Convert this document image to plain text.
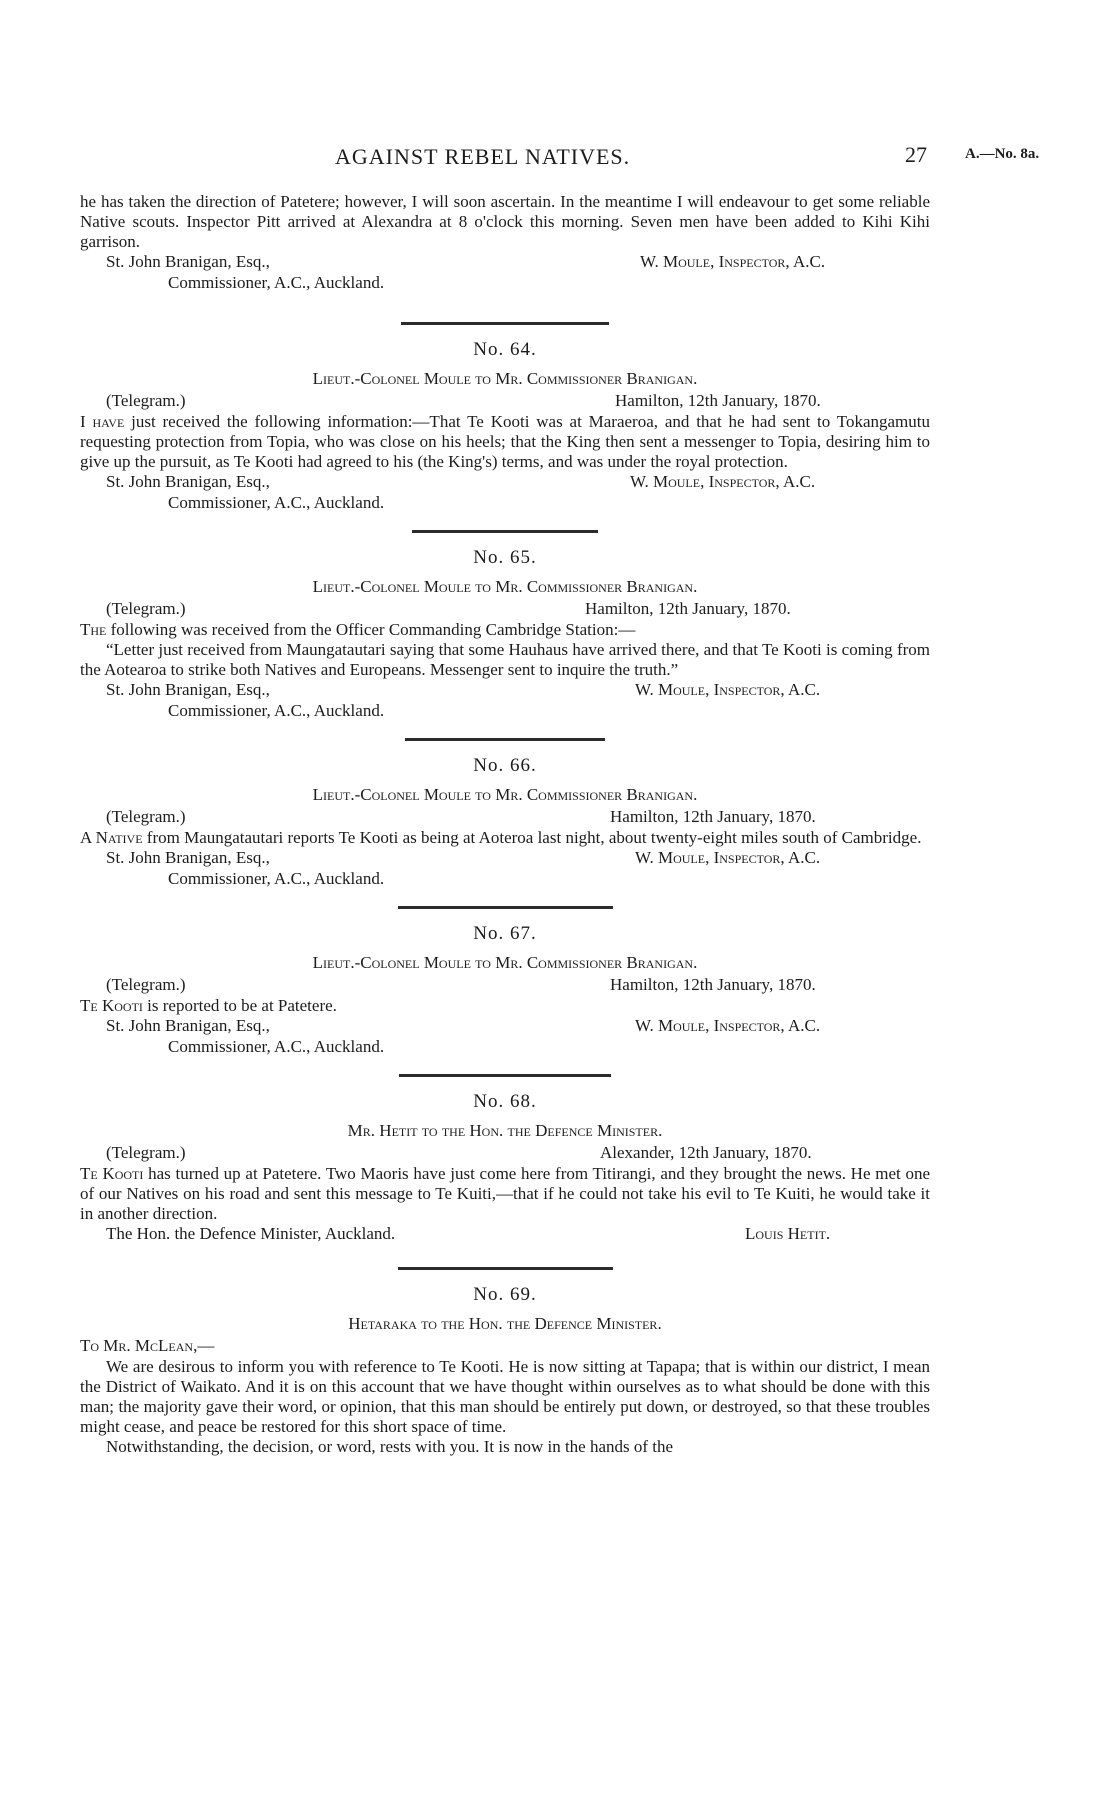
AGAINST REBEL NATIVES.	27	A.—No. 8a.

he has taken the direction of Patetere; however, I will soon ascertain. In the meantime I will endeavour to get some reliable Native scouts. Inspector Pitt arrived at Alexandra at 8 o'clock this morning. Seven men have been added to Kihi Kihi garrison.

St. John Branigan, Esq.,	W. Moule, Inspector, A.C.
Commissioner, A.C., Auckland.
No. 64.
Lieut.-Colonel Moule to Mr. Commissioner Branigan.
(Telegram.)	Hamilton, 12th January, 1870.

I have just received the following information:—That Te Kooti was at Maraeroa, and that he had sent to Tokangamutu requesting protection from Topia, who was close on his heels; that the King then sent a messenger to Topia, desiring him to give up the pursuit, as Te Kooti had agreed to his (the King's) terms, and was under the royal protection.

St. John Branigan, Esq.,	W. Moule, Inspector, A.C.
Commissioner, A.C., Auckland.
No. 65.
Lieut.-Colonel Moule to Mr. Commissioner Branigan.
(Telegram.)	Hamilton, 12th January, 1870.

The following was received from the Officer Commanding Cambridge Station:—

“Letter just received from Maungatautari saying that some Hauhaus have arrived there, and that Te Kooti is coming from the Aotearoa to strike both Natives and Europeans. Messenger sent to inquire the truth.”

St. John Branigan, Esq.,	W. Moule, Inspector, A.C.
Commissioner, A.C., Auckland.
No. 66.
Lieut.-Colonel Moule to Mr. Commissioner Branigan.
(Telegram.)	Hamilton, 12th January, 1870.

A Native from Maungatautari reports Te Kooti as being at Aoteroa last night, about twenty-eight miles south of Cambridge.

St. John Branigan, Esq.,	W. Moule, Inspector, A.C.
Commissioner, A.C., Auckland.
No. 67.
Lieut.-Colonel Moule to Mr. Commissioner Branigan.
(Telegram.)	Hamilton, 12th January, 1870.

Te Kooti is reported to be at Patetere.

St. John Branigan, Esq.,	W. Moule, Inspector, A.C.
Commissioner, A.C., Auckland.
No. 68.
Mr. Hetit to the Hon. the Defence Minister.
(Telegram.)	Alexander, 12th January, 1870.

Te Kooti has turned up at Patetere. Two Maoris have just come here from Titirangi, and they brought the news. He met one of our Natives on his road and sent this message to Te Kuiti,—that if he could not take his evil to Te Kuiti, he would take it in another direction.

The Hon. the Defence Minister, Auckland.	Louis Hetit.
No. 69.
Hetaraka to the Hon. the Defence Minister.
To Mr. McLean,—

We are desirous to inform you with reference to Te Kooti. He is now sitting at Tapapa; that is within our district, I mean the District of Waikato. And it is on this account that we have thought within ourselves as to what should be done with this man; the majority gave their word, or opinion, that this man should be entirely put down, or destroyed, so that these troubles might cease, and peace be restored for this short space of time.

Notwithstanding, the decision, or word, rests with you. It is now in the hands of the
